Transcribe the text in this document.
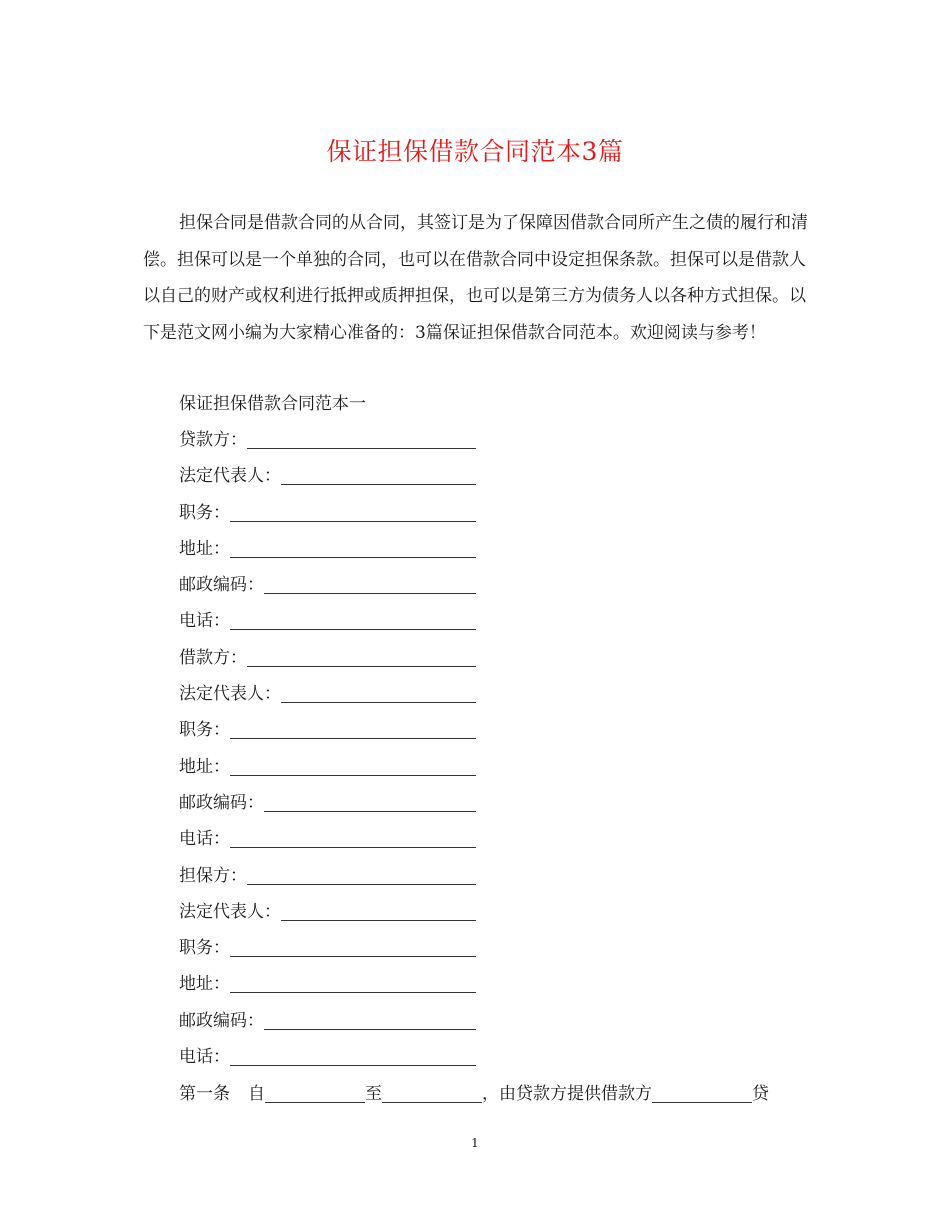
保证担保借款合同范本3篇

担保合同是借款合同的从合同，其签订是为了保障因借款合同所产生之债的履行和清偿。担保可以是一个单独的合同，也可以在借款合同中设定担保条款。担保可以是借款人以自己的财产或权利进行抵押或质押担保，也可以是第三方为债务人以各种方式担保。以下是范文网小编为大家精心准备的：3篇保证担保借款合同范本。欢迎阅读与参考！

保证担保借款合同范本一
贷款方：
法定代表人：
职务：
地址：
邮政编码：
电话：
借款方：
法定代表人：
职务：
地址：
邮政编码：
电话：
担保方：
法定代表人：
职务：
地址：
邮政编码：
电话：
第一条 自	至	，由贷款方提供借款方	贷
1
